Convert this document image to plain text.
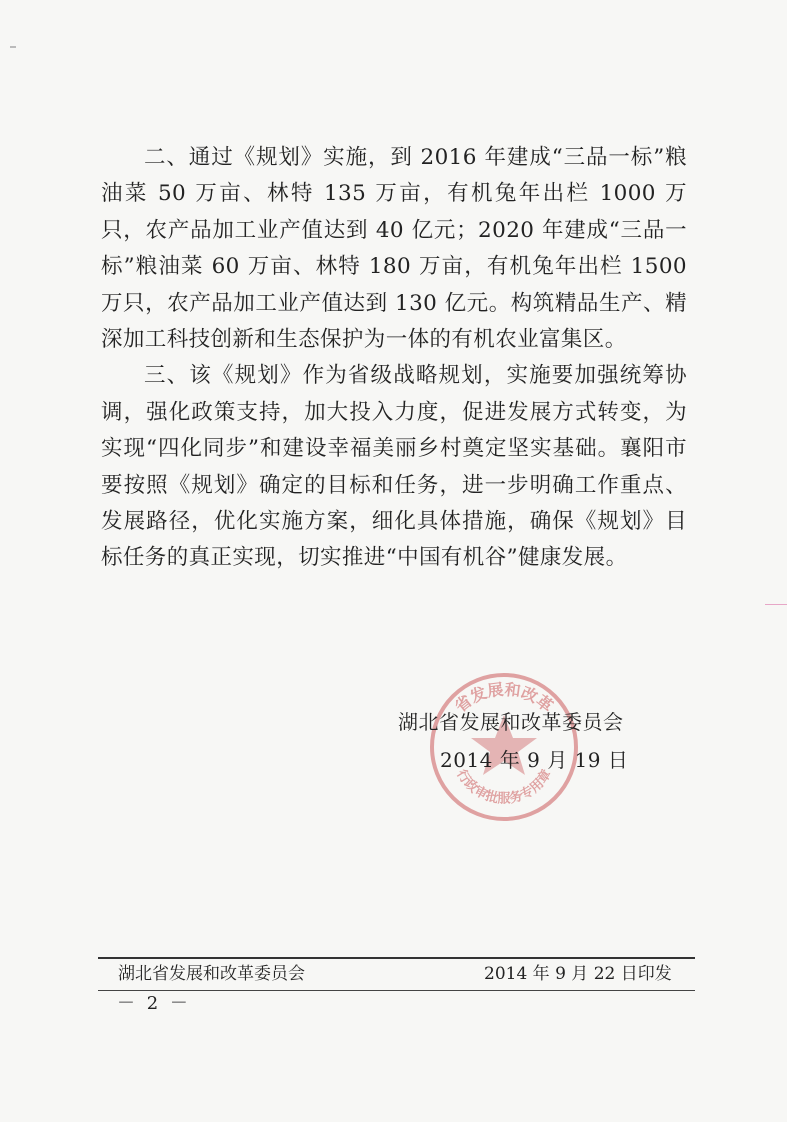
二、通过《规划》实施，到 2016 年建成“三品一标”粮油菜 50 万亩、林特 135 万亩，有机兔年出栏 1000 万只，农产品加工业产值达到 40 亿元；2020 年建成“三品一标”粮油菜 60 万亩、林特 180 万亩，有机兔年出栏 1500 万只，农产品加工业产值达到 130 亿元。构筑精品生产、精深加工科技创新和生态保护为一体的有机农业富集区。

三、该《规划》作为省级战略规划，实施要加强统筹协调，强化政策支持，加大投入力度，促进发展方式转变，为实现“四化同步”和建设幸福美丽乡村奠定坚实基础。襄阳市要按照《规划》确定的目标和任务，进一步明确工作重点、发展路径，优化实施方案，细化具体措施，确保《规划》目标任务的真正实现，切实推进“中国有机谷”健康发展。

省发展和改革
行政审批服务专用章
湖北省发展和改革委员会
2014 年 9 月 19 日
湖北省发展和改革委员会	2014 年 9 月 22 日印发
－ 2 －
